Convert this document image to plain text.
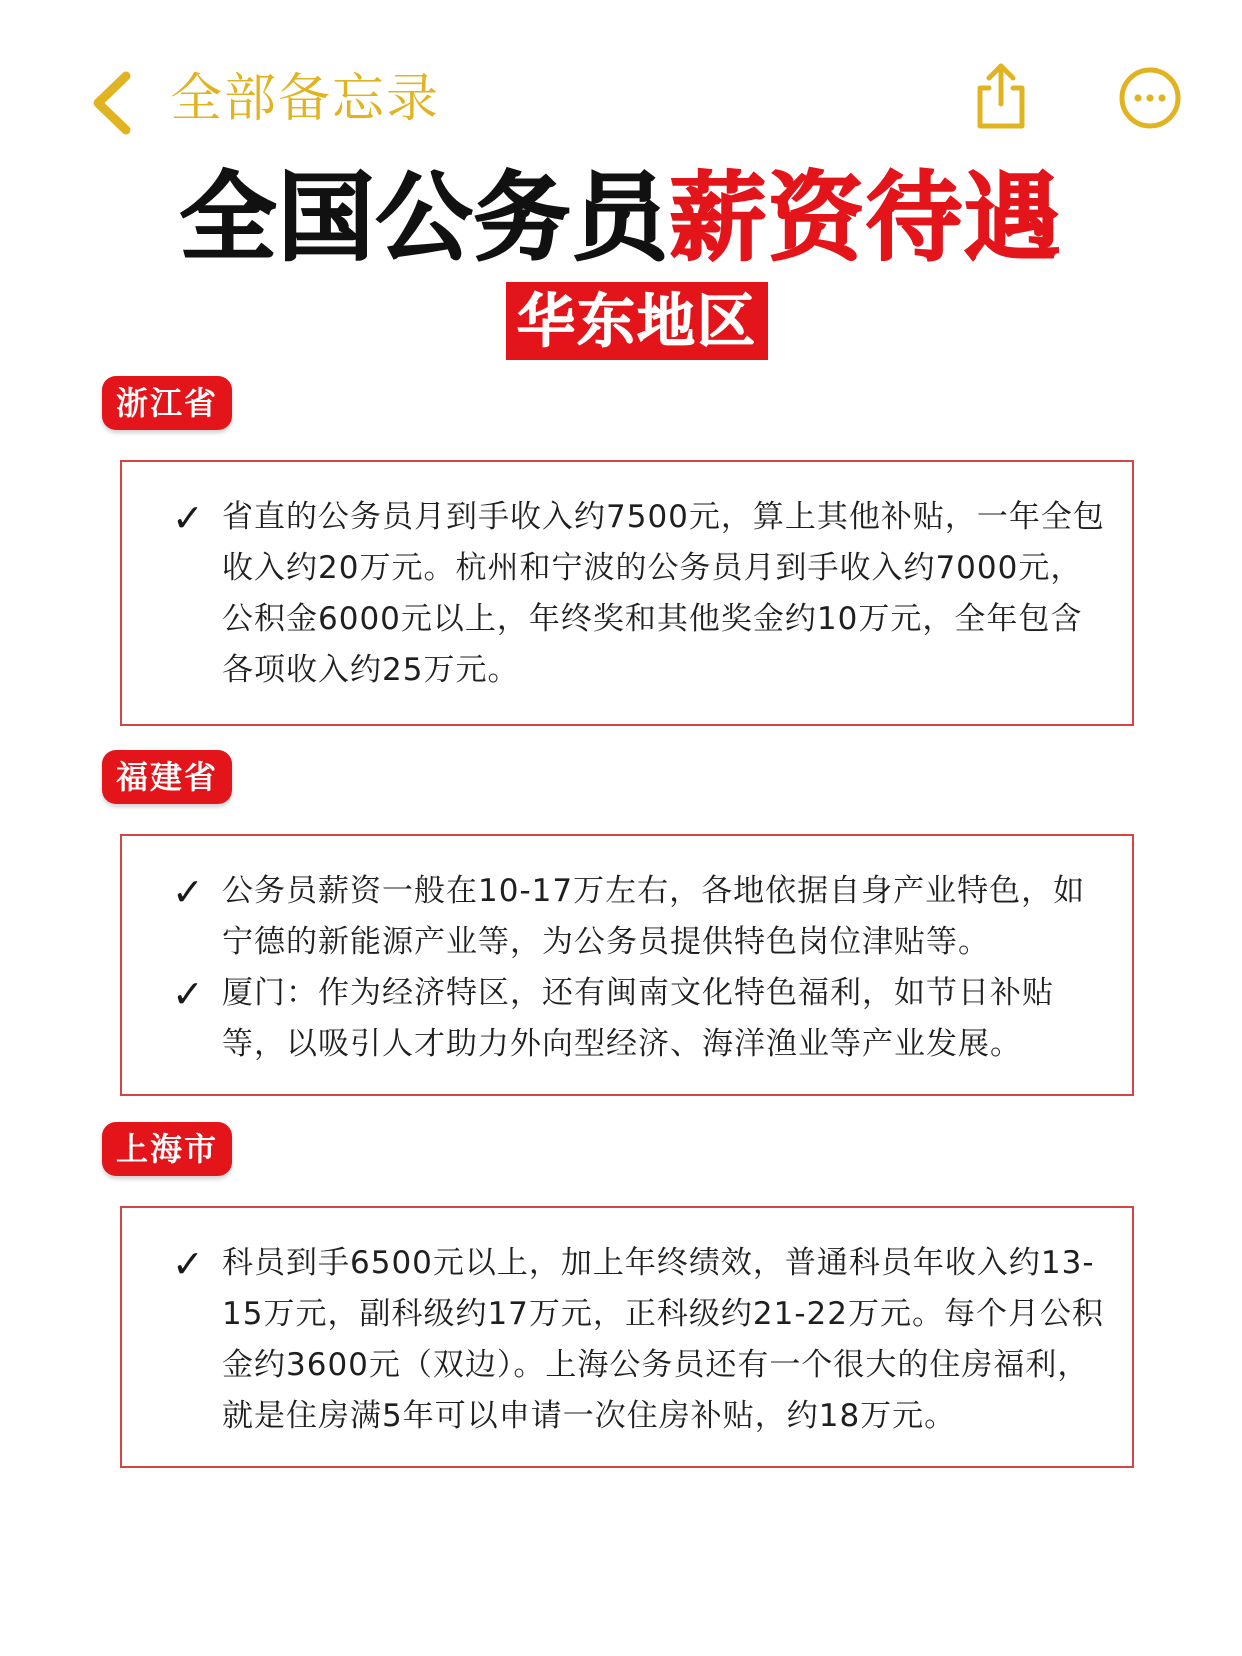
全部备忘录
全国公务员薪资待遇
华东地区
浙江省
✓ 省直的公务员月到手收入约7500元，算上其他补贴，一年全包收入约20万元。杭州和宁波的公务员月到手收入约7000元，公积金6000元以上，年终奖和其他奖金约10万元，全年包含各项收入约25万元。
福建省
✓ 公务员薪资一般在10-17万左右，各地依据自身产业特色，如宁德的新能源产业等，为公务员提供特色岗位津贴等。
✓ 厦门：作为经济特区，还有闽南文化特色福利，如节日补贴等，以吸引人才助力外向型经济、海洋渔业等产业发展。
上海市
✓ 科员到手6500元以上，加上年终绩效，普通科员年收入约13-15万元，副科级约17万元，正科级约21-22万元。每个月公积金约3600元（双边）。上海公务员还有一个很大的住房福利，就是住房满5年可以申请一次住房补贴，约18万元。
